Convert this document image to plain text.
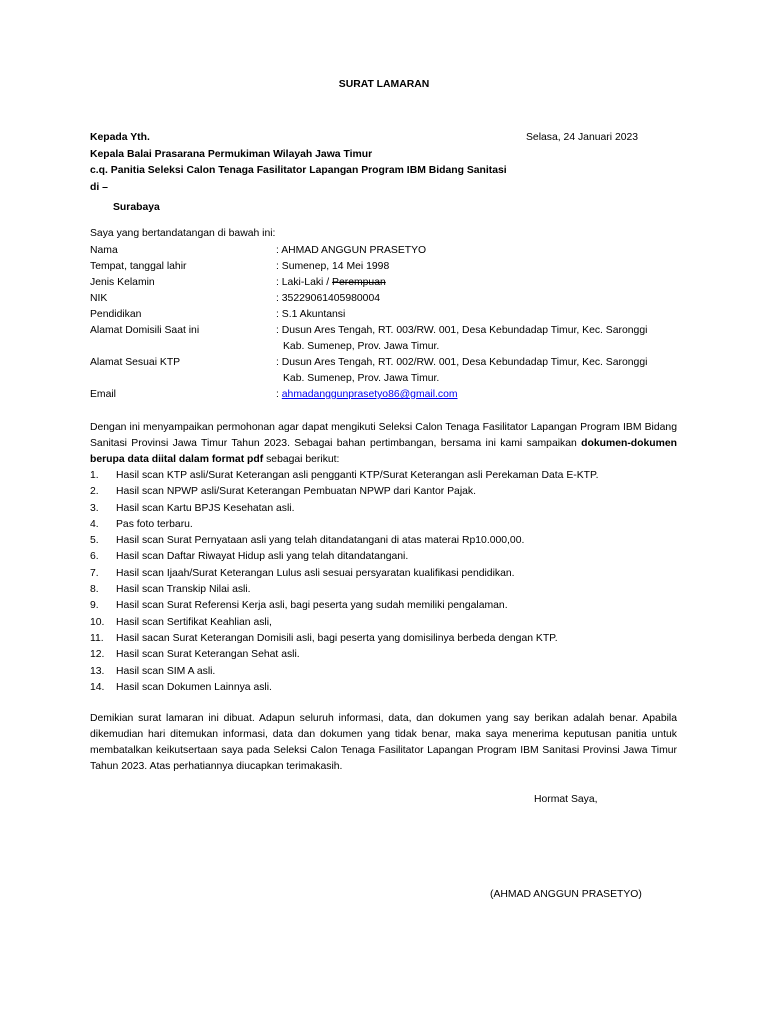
SURAT LAMARAN
Kepada Yth.
Kepala Balai Prasarana Permukiman Wilayah Jawa Timur
c.q. Panitia Seleksi Calon Tenaga Fasilitator Lapangan Program IBM Bidang Sanitasi
di –
Surabaya
Selasa, 24 Januari 2023
Saya yang bertandatangan di bawah ini:
Nama	: AHMAD ANGGUN PRASETYO
Tempat, tanggal lahir	: Sumenep, 14 Mei 1998
Jenis Kelamin	: Laki-Laki / Perempuan
NIK	: 35229061405980004
Pendidikan	: S.1 Akuntansi
Alamat Domisili Saat ini	: Dusun Ares Tengah, RT. 003/RW. 001, Desa Kebundadap Timur, Kec. Saronggi
Kab. Sumenep, Prov. Jawa Timur.
Alamat Sesuai KTP	: Dusun Ares Tengah, RT. 002/RW. 001, Desa Kebundadap Timur, Kec. Saronggi
Kab. Sumenep, Prov. Jawa Timur.
Email	: ahmadanggunprasetyo86@gmail.com
Dengan ini menyampaikan permohonan agar dapat mengikuti Seleksi Calon Tenaga Fasilitator Lapangan Program IBM Bidang Sanitasi Provinsi Jawa Timur Tahun 2023. Sebagai bahan pertimbangan, bersama ini kami sampaikan dokumen-dokumen berupa data diital dalam format pdf sebagai berikut:
1.	Hasil scan KTP asli/Surat Keterangan asli pengganti KTP/Surat Keterangan asli Perekaman Data E-KTP.
2.	Hasil scan NPWP asli/Surat Keterangan Pembuatan NPWP dari Kantor Pajak.
3.	Hasil scan Kartu BPJS Kesehatan asli.
4.	Pas foto terbaru.
5.	Hasil scan Surat Pernyataan asli yang telah ditandatangani di atas materai Rp10.000,00.
6.	Hasil scan Daftar Riwayat Hidup asli yang telah ditandatangani.
7.	Hasil scan Ijaah/Surat Keterangan Lulus asli sesuai persyaratan kualifikasi pendidikan.
8.	Hasil scan Transkip Nilai asli.
9.	Hasil scan Surat Referensi Kerja asli, bagi peserta yang sudah memiliki pengalaman.
10.	Hasil scan Sertifikat Keahlian asli,
11.	Hasil sacan Surat Keterangan Domisili asli, bagi peserta yang domisilinya berbeda dengan KTP.
12.	Hasil scan Surat Keterangan Sehat asli.
13.	Hasil scan SIM A asli.
14.	Hasil scan Dokumen Lainnya asli.
Demikian surat lamaran ini dibuat. Adapun seluruh informasi, data, dan dokumen yang say berikan adalah benar. Apabila dikemudian hari ditemukan informasi, data dan dokumen yang tidak benar, maka saya menerima keputusan panitia untuk membatalkan keikutsertaan saya pada Seleksi Calon Tenaga Fasilitator Lapangan Program IBM Sanitasi Provinsi Jawa Timur Tahun 2023. Atas perhatiannya diucapkan terimakasih.
Hormat Saya,
(AHMAD ANGGUN PRASETYO)
